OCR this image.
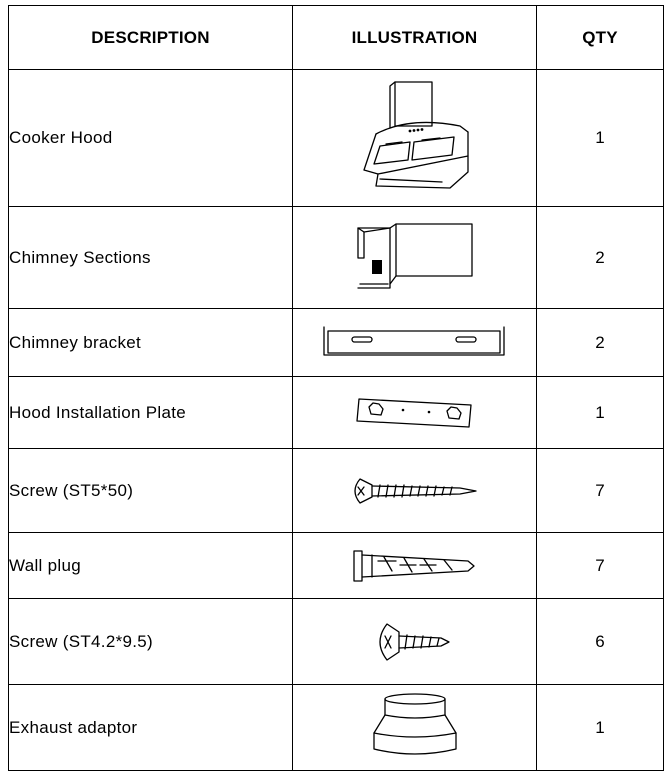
DESCRIPTION	ILLUSTRATION	QTY
Cooker Hood		1
Chimney Sections		2
Chimney bracket		2
Hood Installation Plate		1
Screw (ST5*50)		7
Wall plug		7
Screw (ST4.2*9.5)		6
Exhaust adaptor		1
